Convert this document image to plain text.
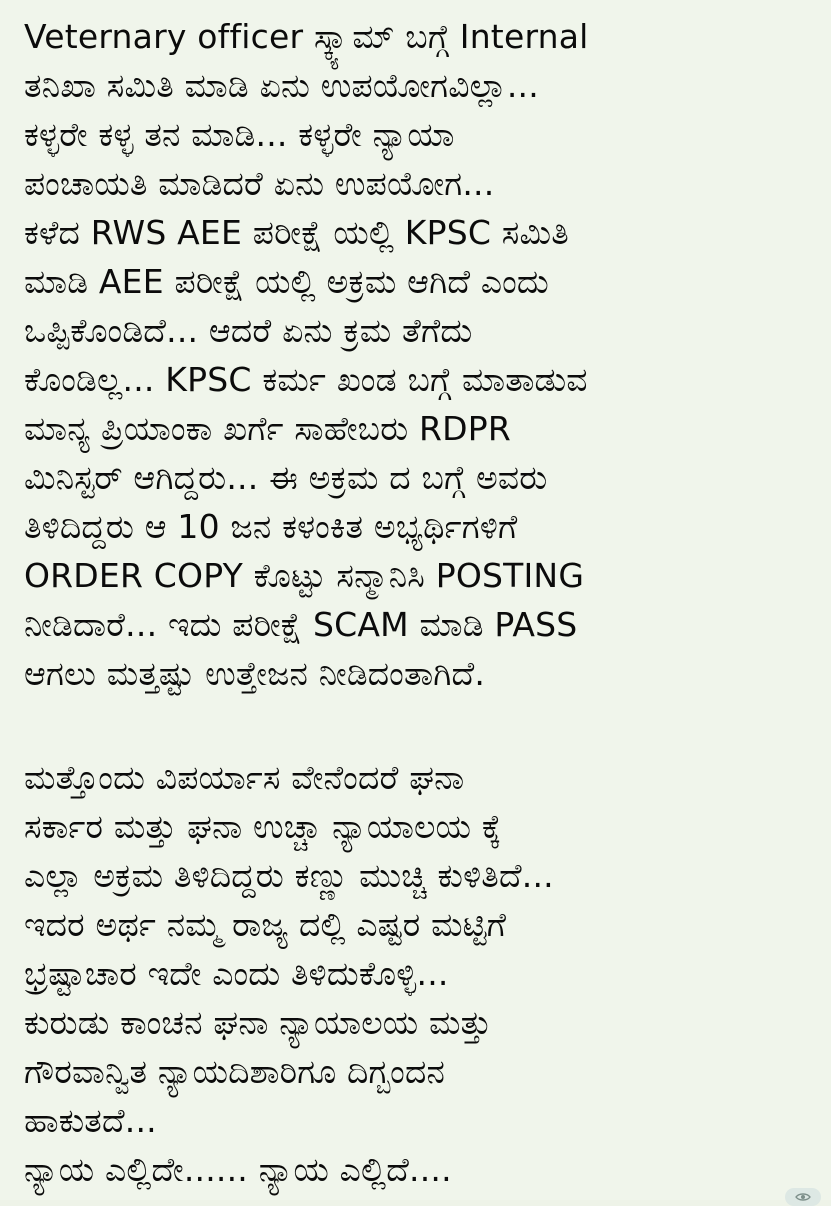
Veternary officer ಸ್ಕ್ಯಾಮ್ ಬಗ್ಗೆ Internal
ತನಿಖಾ ಸಮಿತಿ ಮಾಡಿ ಏನು ಉಪಯೋಗವಿಲ್ಲಾ...
ಕಳ್ಳರೇ ಕಳ್ಳ ತನ ಮಾಡಿ... ಕಳ್ಳರೇ ನ್ಯಾಯಾ
ಪಂಚಾಯತಿ ಮಾಡಿದರೆ ಏನು ಉಪಯೋಗ...
ಕಳೆದ RWS AEE ಪರೀಕ್ಷೆ ಯಲ್ಲಿ KPSC ಸಮಿತಿ
ಮಾಡಿ AEE ಪರೀಕ್ಷೆ ಯಲ್ಲಿ ಅಕ್ರಮ ಆಗಿದೆ ಎಂದು
ಒಪ್ಪಿಕೊಂಡಿದೆ... ಆದರೆ ಏನು ಕ್ರಮ ತೆಗೆದು
ಕೊಂಡಿಲ್ಲ... KPSC ಕರ್ಮ ಖಂಡ ಬಗ್ಗೆ ಮಾತಾಡುವ
ಮಾನ್ಯ ಪ್ರಿಯಾಂಕಾ ಖರ್ಗೆ ಸಾಹೇಬರು RDPR
ಮಿನಿಸ್ಟರ್ ಆಗಿದ್ದರು... ಈ ಅಕ್ರಮ ದ ಬಗ್ಗೆ ಅವರು
ತಿಳಿದಿದ್ದರು ಆ 10 ಜನ ಕಳಂಕಿತ ಅಭ್ಯರ್ಥಿಗಳಿಗೆ
ORDER COPY ಕೊಟ್ಟು ಸನ್ಮಾನಿಸಿ POSTING
ನೀಡಿದಾರೆ... ಇದು ಪರೀಕ್ಷೆ SCAM ಮಾಡಿ PASS
ಆಗಲು ಮತ್ತಷ್ಟು ಉತ್ತೇಜನ ನೀಡಿದಂತಾಗಿದೆ.
ಮತ್ತೊಂದು ವಿಪರ್ಯಾಸ ವೇನೆಂದರೆ ಘನಾ
ಸರ್ಕಾರ ಮತ್ತು ಘನಾ ಉಚ್ಚಾ ನ್ಯಾಯಾಲಯ ಕ್ಕೆ
ಎಲ್ಲಾ ಅಕ್ರಮ ತಿಳಿದಿದ್ದರು ಕಣ್ಣು ಮುಚ್ಚಿ ಕುಳಿತಿದೆ...
ಇದರ ಅರ್ಥ ನಮ್ಮ ರಾಜ್ಯ ದಲ್ಲಿ ಎಷ್ಟರ ಮಟ್ಟಿಗೆ
ಭ್ರಷ್ಟಾಚಾರ ಇದೇ ಎಂದು ತಿಳಿದುಕೊಳ್ಳಿ...
ಕುರುಡು ಕಾಂಚನ ಘನಾ ನ್ಯಾಯಾಲಯ ಮತ್ತು
ಗೌರವಾನ್ವಿತ ನ್ಯಾಯದಿಶಾರಿಗೂ ದಿಗ್ಬಂದನ
ಹಾಕುತದೆ...
ನ್ಯಾಯ ಎಲ್ಲಿದೇ...... ನ್ಯಾಯ ಎಲ್ಲಿದೆ....
